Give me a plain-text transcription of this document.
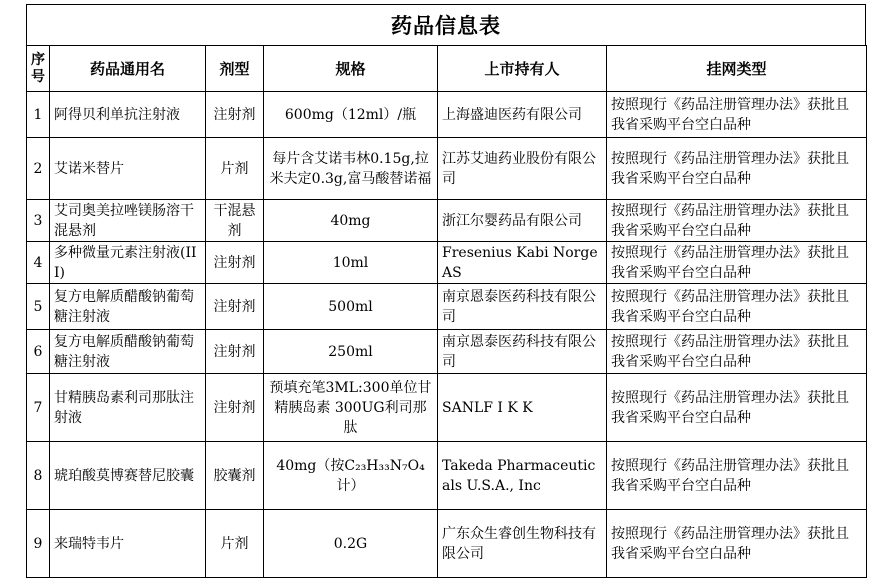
药品信息表
序号	药品通用名	剂型	规格	上市持有人	挂网类型
1	阿得贝利单抗注射液	注射剂	600mg（12ml）/瓶	上海盛迪医药有限公司	按照现行《药品注册管理办法》获批且我省采购平台空白品种
2	艾诺米替片	片剂	每片含艾诺韦林0.15g,拉米夫定0.3g,富马酸替诺福	江苏艾迪药业股份有限公司	按照现行《药品注册管理办法》获批且我省采购平台空白品种
3	艾司奥美拉唑镁肠溶干混悬剂	干混悬剂	40mg	浙江尔婴药品有限公司	按照现行《药品注册管理办法》获批且我省采购平台空白品种
4	多种微量元素注射液(III)	注射剂	10ml	Fresenius Kabi Norge AS	按照现行《药品注册管理办法》获批且我省采购平台空白品种
5	复方电解质醋酸钠葡萄糖注射液	注射剂	500ml	南京恩泰医药科技有限公司	按照现行《药品注册管理办法》获批且我省采购平台空白品种
6	复方电解质醋酸钠葡萄糖注射液	注射剂	250ml	南京恩泰医药科技有限公司	按照现行《药品注册管理办法》获批且我省采购平台空白品种
7	甘精胰岛素利司那肽注射液	注射剂	预填充笔3ML:300单位甘精胰岛素 300UG利司那肽	SANLF I K K	按照现行《药品注册管理办法》获批且我省采购平台空白品种
8	琥珀酸莫博赛替尼胶囊	胶囊剂	40mg（按C₂₃H₃₃N₇O₄计）	Takeda Pharmaceuticals U.S.A., Inc	按照现行《药品注册管理办法》获批且我省采购平台空白品种
9	来瑞特韦片	片剂	0.2G	广东众生睿创生物科技有限公司	按照现行《药品注册管理办法》获批且我省采购平台空白品种
